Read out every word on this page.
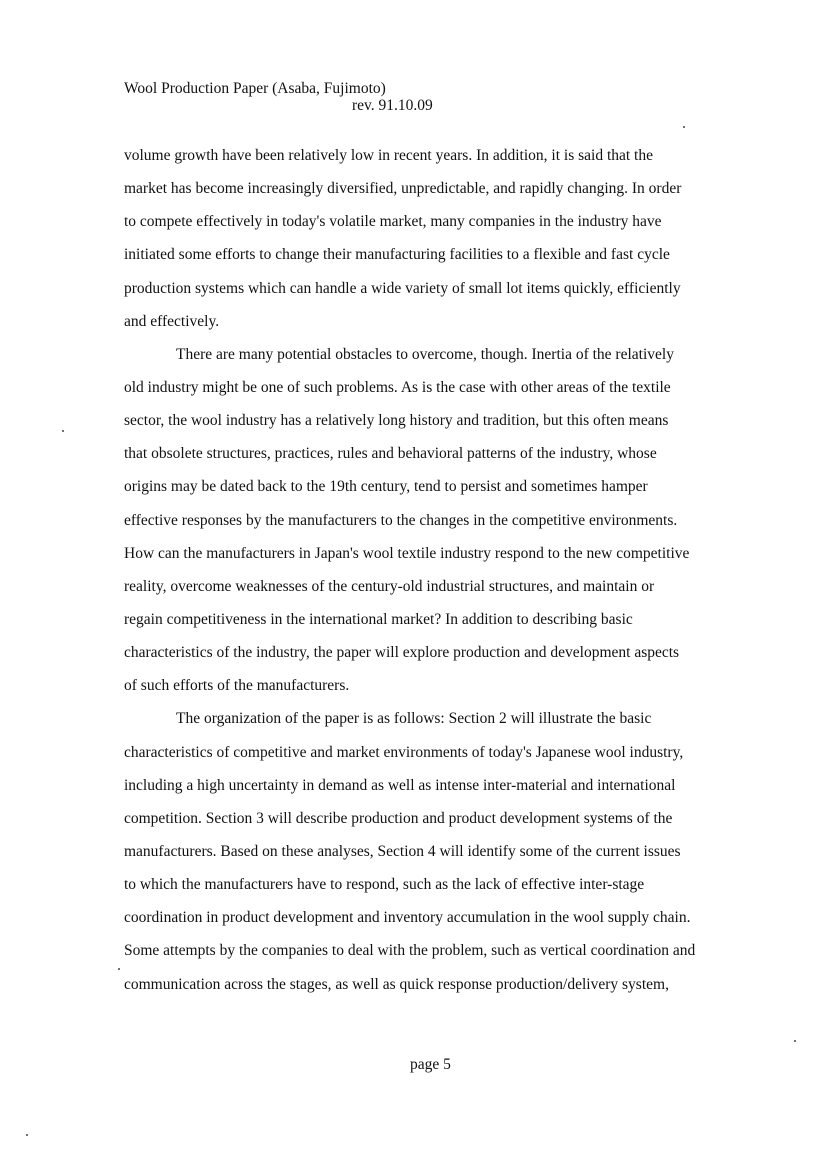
Wool Production Paper (Asaba, Fujimoto)
rev. 91.10.09
volume growth have been relatively low in recent years. In addition, it is said that the
market has become increasingly diversified, unpredictable, and rapidly changing. In order
to compete effectively in today's volatile market, many companies in the industry have
initiated some efforts to change their manufacturing facilities to a flexible and fast cycle
production systems which can handle a wide variety of small lot items quickly, efficiently
and effectively.
There are many potential obstacles to overcome, though. Inertia of the relatively
old industry might be one of such problems. As is the case with other areas of the textile
sector, the wool industry has a relatively long history and tradition, but this often means
that obsolete structures, practices, rules and behavioral patterns of the industry, whose
origins may be dated back to the 19th century, tend to persist and sometimes hamper
effective responses by the manufacturers to the changes in the competitive environments.
How can the manufacturers in Japan's wool textile industry respond to the new competitive
reality, overcome weaknesses of the century-old industrial structures, and maintain or
regain competitiveness in the international market? In addition to describing basic
characteristics of the industry, the paper will explore production and development aspects
of such efforts of the manufacturers.
The organization of the paper is as follows: Section 2 will illustrate the basic
characteristics of competitive and market environments of today's Japanese wool industry,
including a high uncertainty in demand as well as intense inter-material and international
competition. Section 3 will describe production and product development systems of the
manufacturers. Based on these analyses, Section 4 will identify some of the current issues
to which the manufacturers have to respond, such as the lack of effective inter-stage
coordination in product development and inventory accumulation in the wool supply chain.
Some attempts by the companies to deal with the problem, such as vertical coordination and
communication across the stages, as well as quick response production/delivery system,
page 5
